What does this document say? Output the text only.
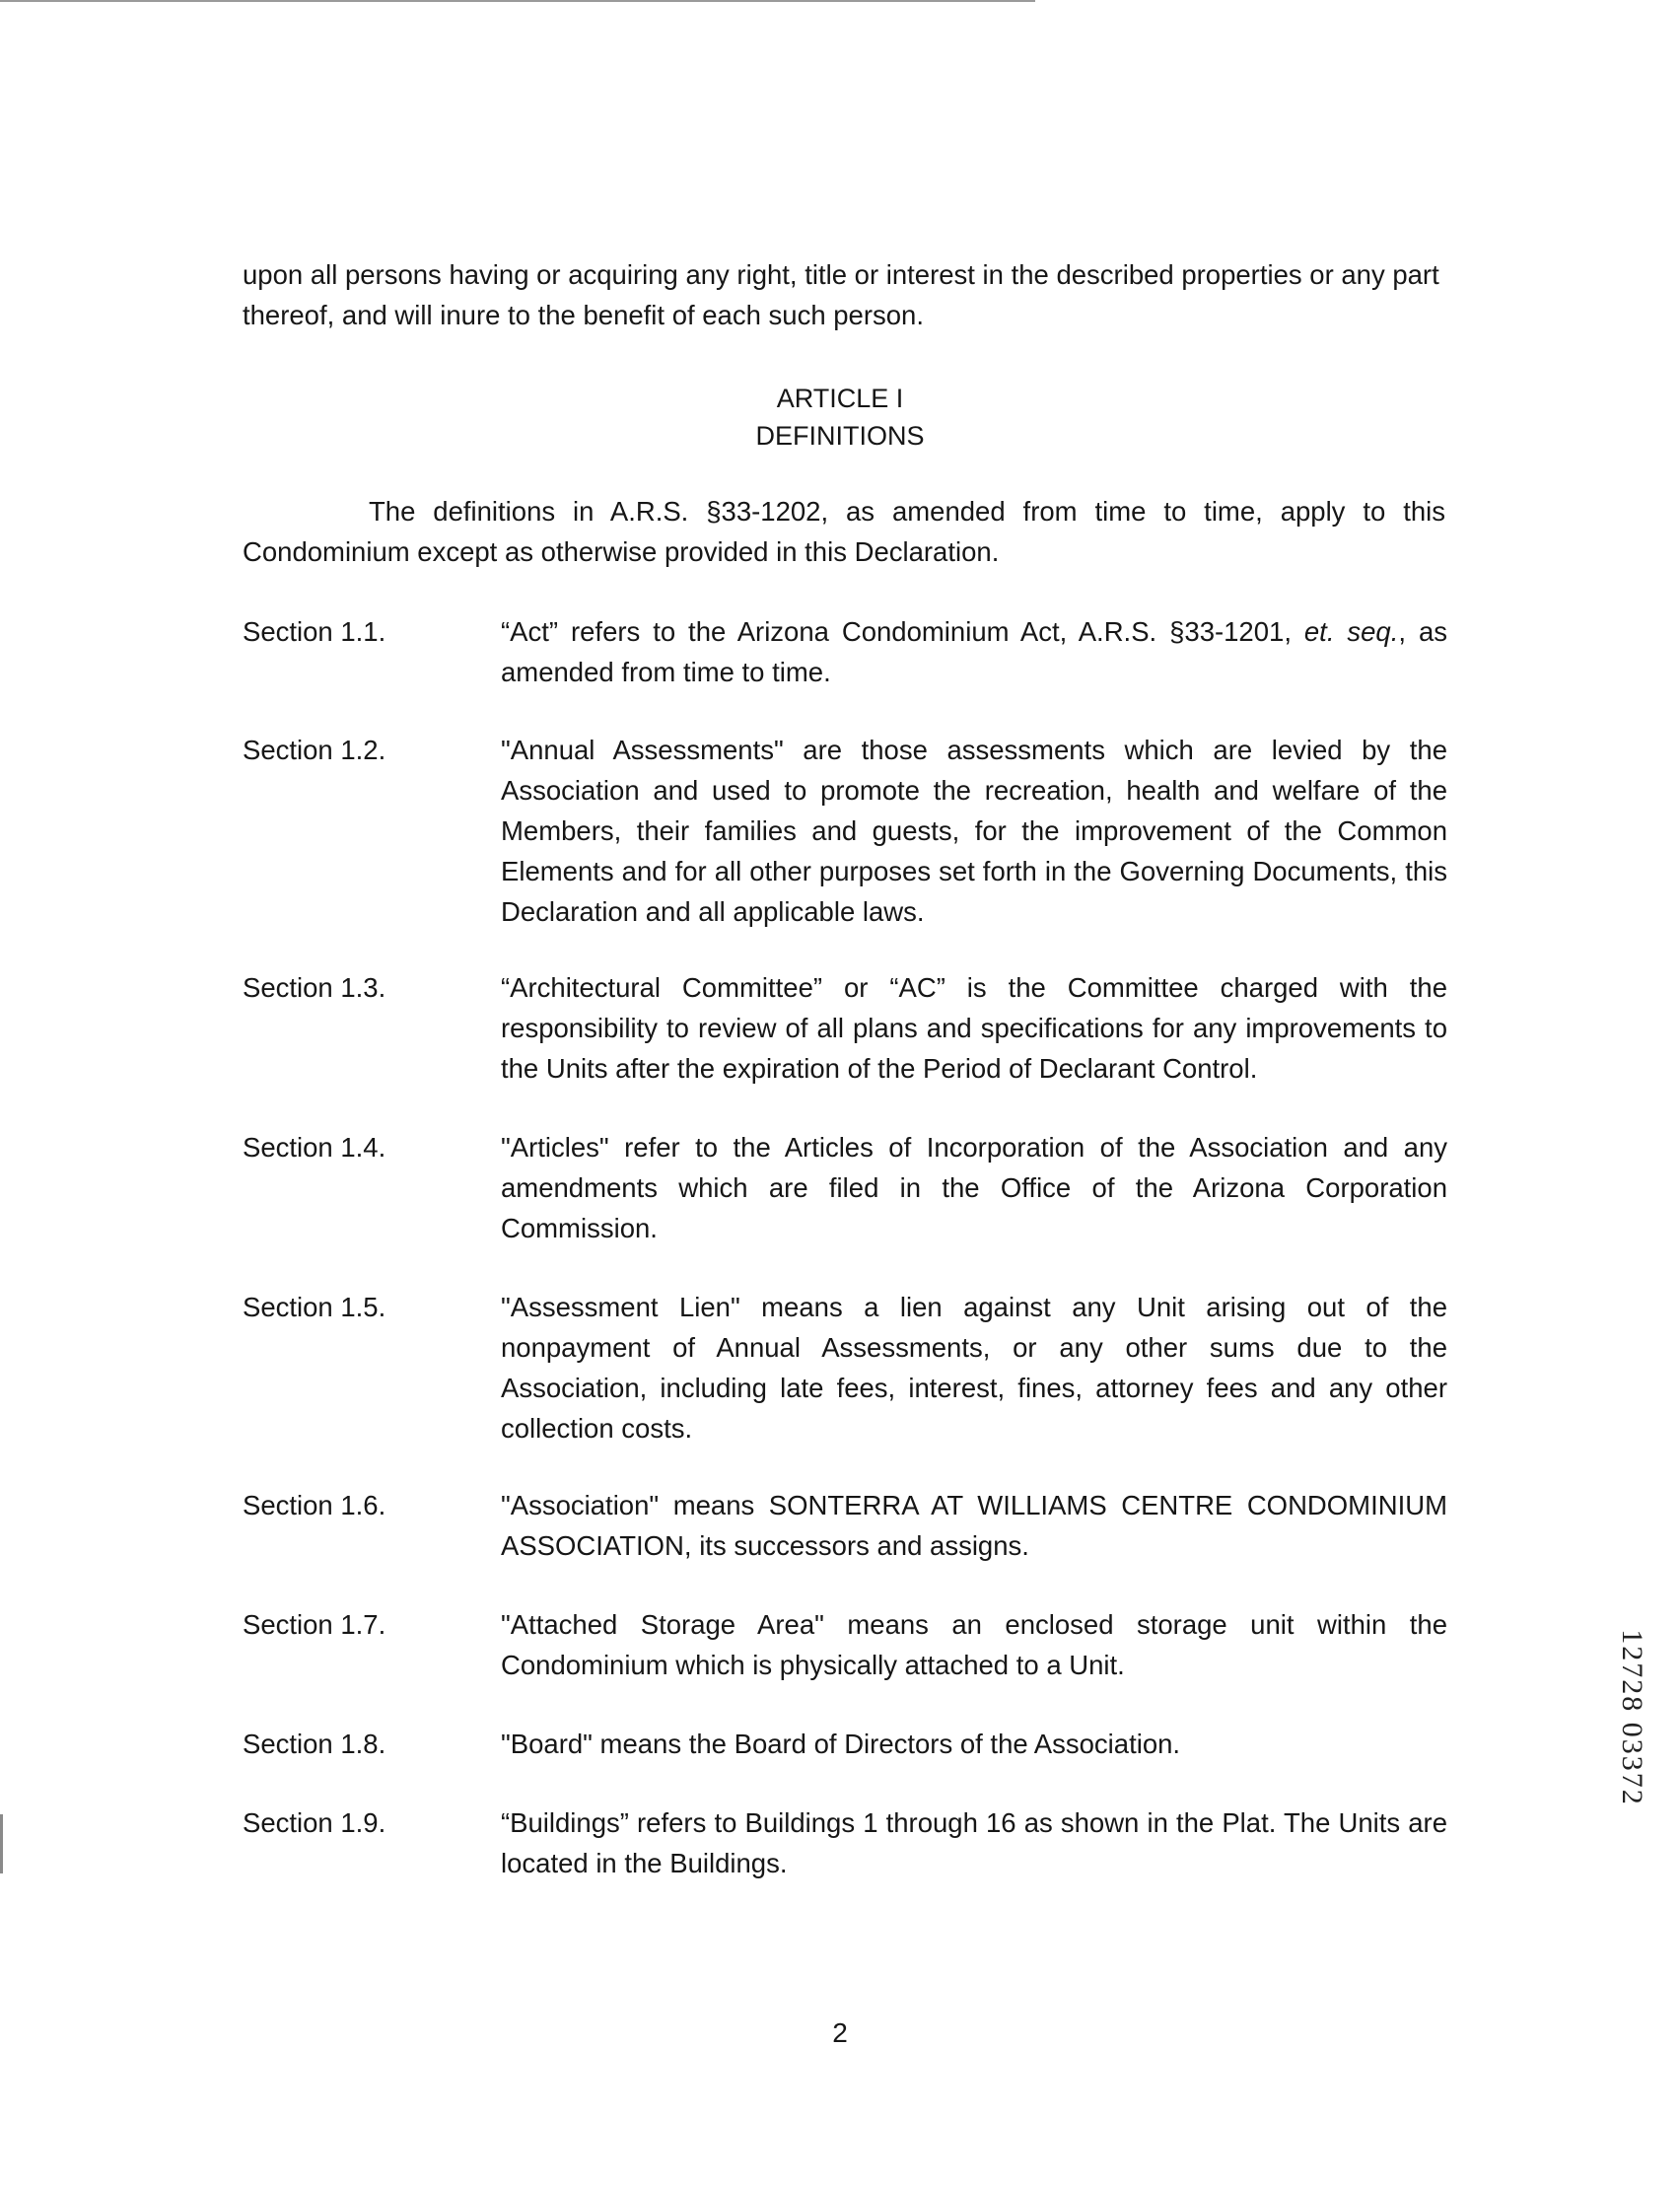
upon all persons having or acquiring any right, title or interest in the described properties or any part thereof, and will inure to the benefit of each such person.

ARTICLE I
DEFINITIONS

The definitions in A.R.S. §33-1202, as amended from time to time, apply to this Condominium except as otherwise provided in this Declaration.

Section 1.1.	“Act” refers to the Arizona Condominium Act, A.R.S. §33-1201, et. seq., as amended from time to time.

Section 1.2.	"Annual Assessments" are those assessments which are levied by the Association and used to promote the recreation, health and welfare of the Members, their families and guests, for the improvement of the Common Elements and for all other purposes set forth in the Governing Documents, this Declaration and all applicable laws.

Section 1.3.	“Architectural Committee” or “AC” is the Committee charged with the responsibility to review of all plans and specifications for any improvements to the Units after the expiration of the Period of Declarant Control.

Section 1.4.	"Articles" refer to the Articles of Incorporation of the Association and any amendments which are filed in the Office of the Arizona Corporation Commission.

Section 1.5.	"Assessment Lien" means a lien against any Unit arising out of the nonpayment of Annual Assessments, or any other sums due to the Association, including late fees, interest, fines, attorney fees and any other collection costs.

Section 1.6.	"Association" means SONTERRA AT WILLIAMS CENTRE CONDOMINIUM ASSOCIATION, its successors and assigns.

Section 1.7.	"Attached Storage Area" means an enclosed storage unit within the Condominium which is physically attached to a Unit.

Section 1.8.	"Board" means the Board of Directors of the Association.

Section 1.9.	“Buildings” refers to Buildings 1 through 16 as shown in the Plat. The Units are located in the Buildings.

12728 03372
2
